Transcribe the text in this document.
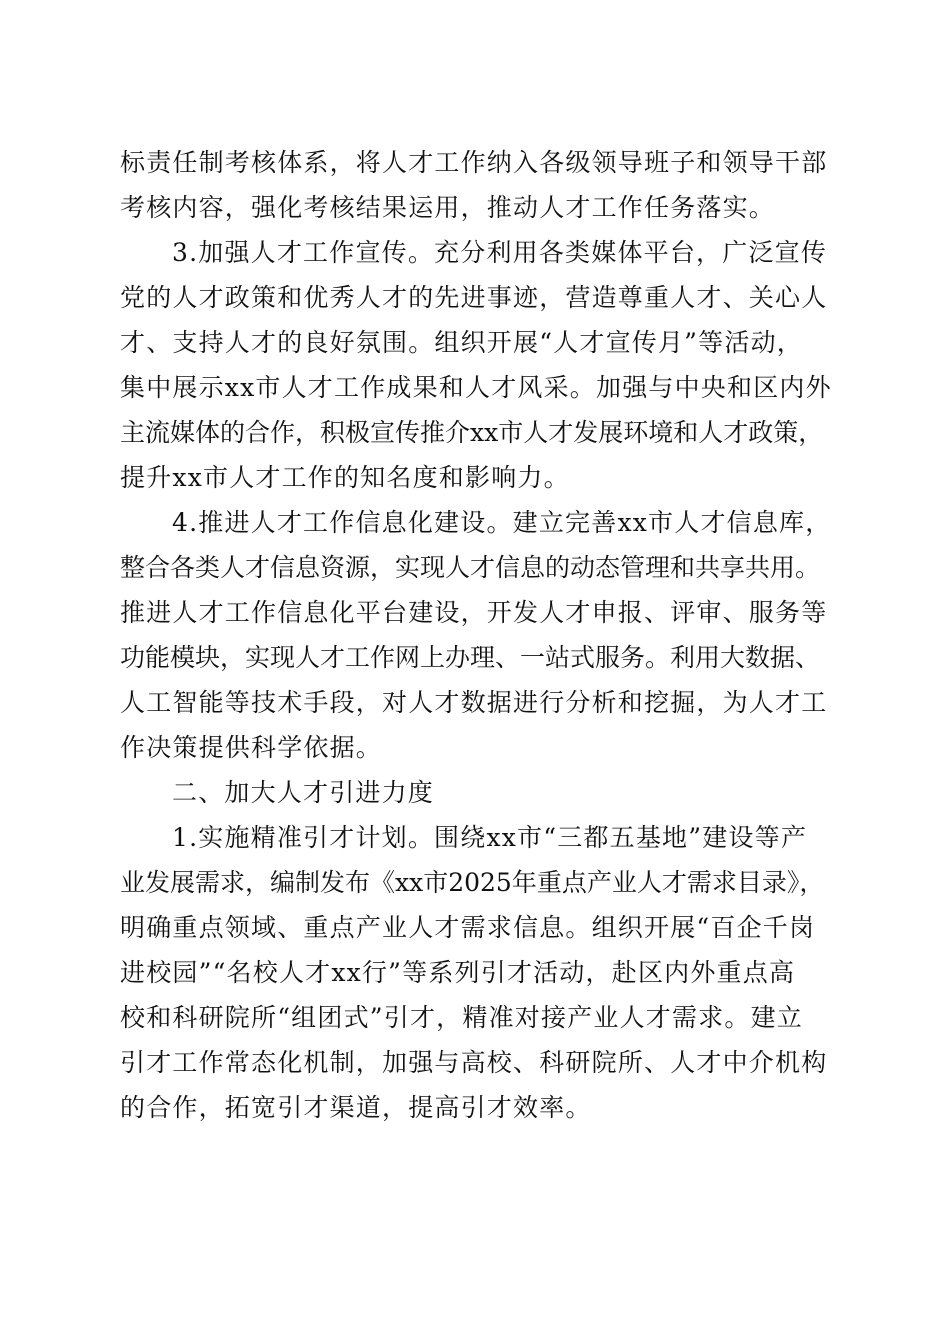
标责任制考核体系，将人才工作纳入各级领导班子和领导干部
考核内容，强化考核结果运用，推动人才工作任务落实。
3.加强人才工作宣传。充分利用各类媒体平台，广泛宣传
党的人才政策和优秀人才的先进事迹，营造尊重人才、关心人
才、支持人才的良好氛围。组织开展“人才宣传月”等活动，
集中展示xx市人才工作成果和人才风采。加强与中央和区内外
主流媒体的合作，积极宣传推介xx市人才发展环境和人才政策，
提升xx市人才工作的知名度和影响力。
4.推进人才工作信息化建设。建立完善xx市人才信息库，
整合各类人才信息资源，实现人才信息的动态管理和共享共用。
推进人才工作信息化平台建设，开发人才申报、评审、服务等
功能模块，实现人才工作网上办理、一站式服务。利用大数据、
人工智能等技术手段，对人才数据进行分析和挖掘，为人才工
作决策提供科学依据。
二、加大人才引进力度
1.实施精准引才计划。围绕xx市“三都五基地”建设等产
业发展需求，编制发布《xx市2025年重点产业人才需求目录》，
明确重点领域、重点产业人才需求信息。组织开展“百企千岗
进校园”“名校人才xx行”等系列引才活动，赴区内外重点高
校和科研院所“组团式”引才，精准对接产业人才需求。建立
引才工作常态化机制，加强与高校、科研院所、人才中介机构
的合作，拓宽引才渠道，提高引才效率。
